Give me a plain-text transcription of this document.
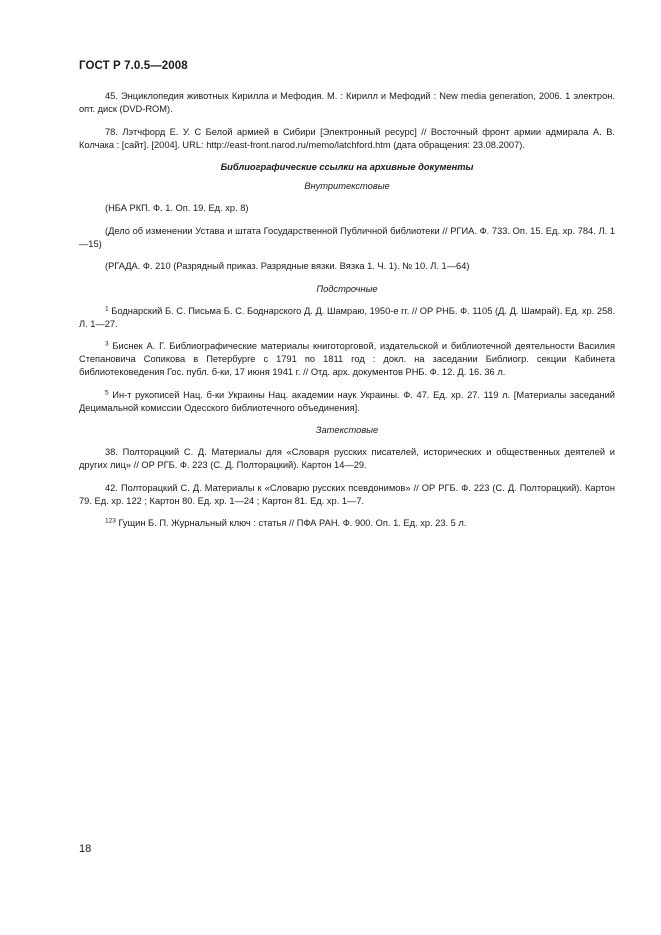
ГОСТ Р 7.0.5—2008

45. Энциклопедия животных Кирилла и Мефодия. М. : Кирилл и Мефодий : New media generation, 2006. 1 электрон. опт. диск (DVD-ROM).

78. Лэтчфорд Е. У. С Белой армией в Сибири [Электронный ресурс] // Восточный фронт армии адмирала А. В. Колчака : [сайт]. [2004]. URL: http://east-front.narod.ru/memo/latchford.htm (дата обращения: 23.08.2007).

Библиографические ссылки на архивные документы
Внутритекстовые

(НБА РКП. Ф. 1. Оп. 19. Ед. хр. 8)

(Дело об изменении Устава и штата Государственной Публичной библиотеки // РГИА. Ф. 733. Оп. 15. Ед. хр. 784. Л. 1—15)

(РГАДА. Ф. 210 (Разрядный приказ. Разрядные вязки. Вязка 1. Ч. 1). № 10. Л. 1—64)

Подстрочные

$^1$ Боднарский Б. С. Письма Б. С. Боднарского Д. Д. Шамраю, 1950-е гг. // ОР РНБ. Ф. 1105 (Д. Д. Шамрай). Ед. хр. 258. Л. 1—27.

$^3$ Биснек А. Г. Библиографические материалы книготорговой, издательской и библиотечной деятельности Василия Степановича Сопикова в Петербурге с 1791 по 1811 год : докл. на заседании Библиогр. секции Кабинета библиотековедения Гос. публ. б-ки, 17 июня 1941 г. // Отд. арх. документов РНБ. Ф. 12. Д. 16. 36 л.

$^5$ Ин-т рукописей Нац. б-ки Украины Нац. академии наук Украины. Ф. 47. Ед. хр. 27. 119 л. [Материалы заседаний Децимальной комиссии Одесского библиотечного объединения].

Затекстовые

38. Полторацкий С. Д. Материалы для «Словаря русских писателей, исторических и общественных деятелей и других лиц» // ОР РГБ. Ф. 223 (С. Д. Полторацкий). Картон 14—29.

42. Полторацкий С. Д. Материалы к «Словарю русских псевдонимов» // ОР РГБ. Ф. 223 (С. Д. Полторацкий). Картон 79. Ед. хр. 122 ; Картон 80. Ед. хр. 1—24 ; Картон 81. Ед. хр. 1—7.

$^{123}$ Гущин Б. П. Журнальный ключ : статья // ПФА РАН. Ф. 900. Оп. 1. Ед. хр. 23. 5 л.

18
